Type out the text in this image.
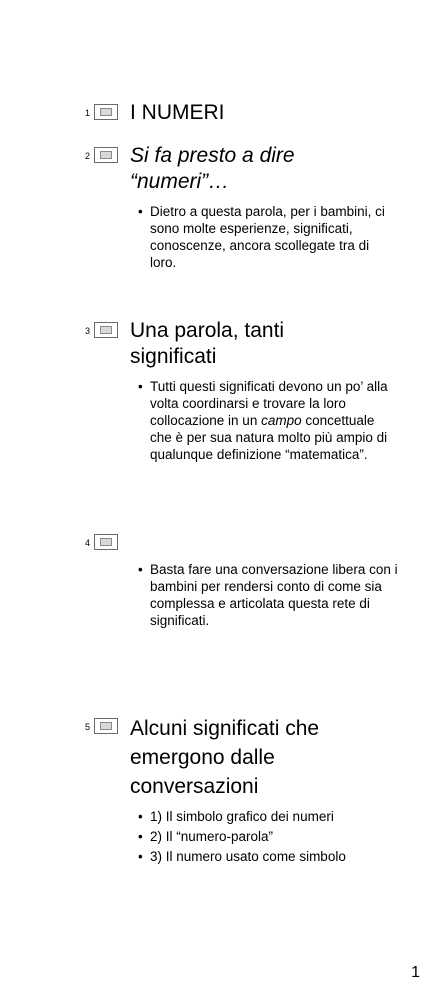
1 I NUMERI
2 Si fa presto a dire “numeri”…
• Dietro a questa parola, per i bambini, ci sono molte esperienze, significati, conoscenze, ancora scollegate tra di loro.
3 Una parola, tanti significati
• Tutti questi significati devono un po’ alla volta coordinarsi e trovare la loro collocazione in un campo concettuale che è per sua natura molto più ampio di qualunque definizione “matematica”.
4
• Basta fare una conversazione libera con i bambini per rendersi conto di come sia complessa e articolata questa rete di significati.
5 Alcuni significati che emergono dalle conversazioni
• 1) Il simbolo grafico dei numeri
• 2) Il “numero-parola”
• 3) Il numero usato come simbolo
1
